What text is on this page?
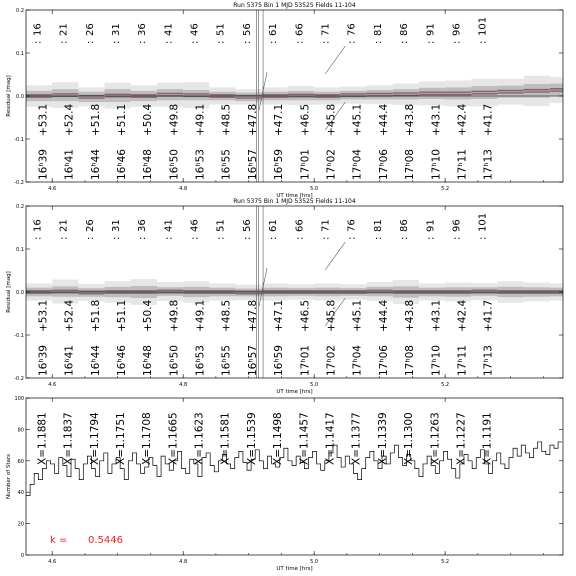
Run 5375 Bin 1 MJD 53525 Fields 11-104
:
16
:
21
:
26
:
31
:
36
:
41
:
46
:
51
:
56
:
61
:
66
:
71
:
76
:
81
:
86
:
91
:
96
:
101
16ʰ39
+53.1
16ʰ41
+52.4
16ʰ44
+51.8
16ʰ46
+51.1
16ʰ48
+50.4
16ʰ50
+49.8
16ʰ53
+49.1
16ʰ55
+48.5
16ʰ57
+47.8
16ʰ59
+47.1
17ʰ01
+46.5
17ʰ02
+45.8
17ʰ04
+45.1
17ʰ06
+44.4
17ʰ08
+43.8
17ʰ10
+43.1
17ʰ11
+42.4
17ʰ13
+41.7
4.6	4.8	5.0	5.2
-0.2
-0.1
0.0
0.1
0.2
UT time [hrs]
Residual [mag]
Run 5375 Bin 1 MJD 53525 Fields 11-104
:
16
:
21
:
26
:
31
:
36
:
41
:
46
:
51
:
56
:
61
:
66
:
71
:
76
:
81
:
86
:
91
:
96
:
101
16ʰ39
+53.1
16ʰ41
+52.4
16ʰ44
+51.8
16ʰ46
+51.1
16ʰ48
+50.4
16ʰ50
+49.8
16ʰ53
+49.1
16ʰ55
+48.5
16ʰ57
+47.8
16ʰ59
+47.1
17ʰ01
+46.5
17ʰ02
+45.8
17ʰ04
+45.1
17ʰ06
+44.4
17ʰ08
+43.8
17ʰ10
+43.1
17ʰ11
+42.4
17ʰ13
+41.7
4.6	4.8	5.0	5.2
-0.2
-0.1
0.0
0.1
0.2
UT time [hrs]
Residual [mag]
X=1.1881 X=1.1837 X=1.1794 X=1.1751 X=1.1708 X=1.1665 X=1.1623 X=1.1581 X=1.1539 X=1.1498 X=1.1457 X=1.1417 X=1.1377 X=1.1339 X=1.1300 X=1.1263 X=1.1227 X=1.1191
k = 0.5446
4.6	4.8	5.0	5.2
0
20
40
60
80
100
UT time [hrs]
Number of Stars
